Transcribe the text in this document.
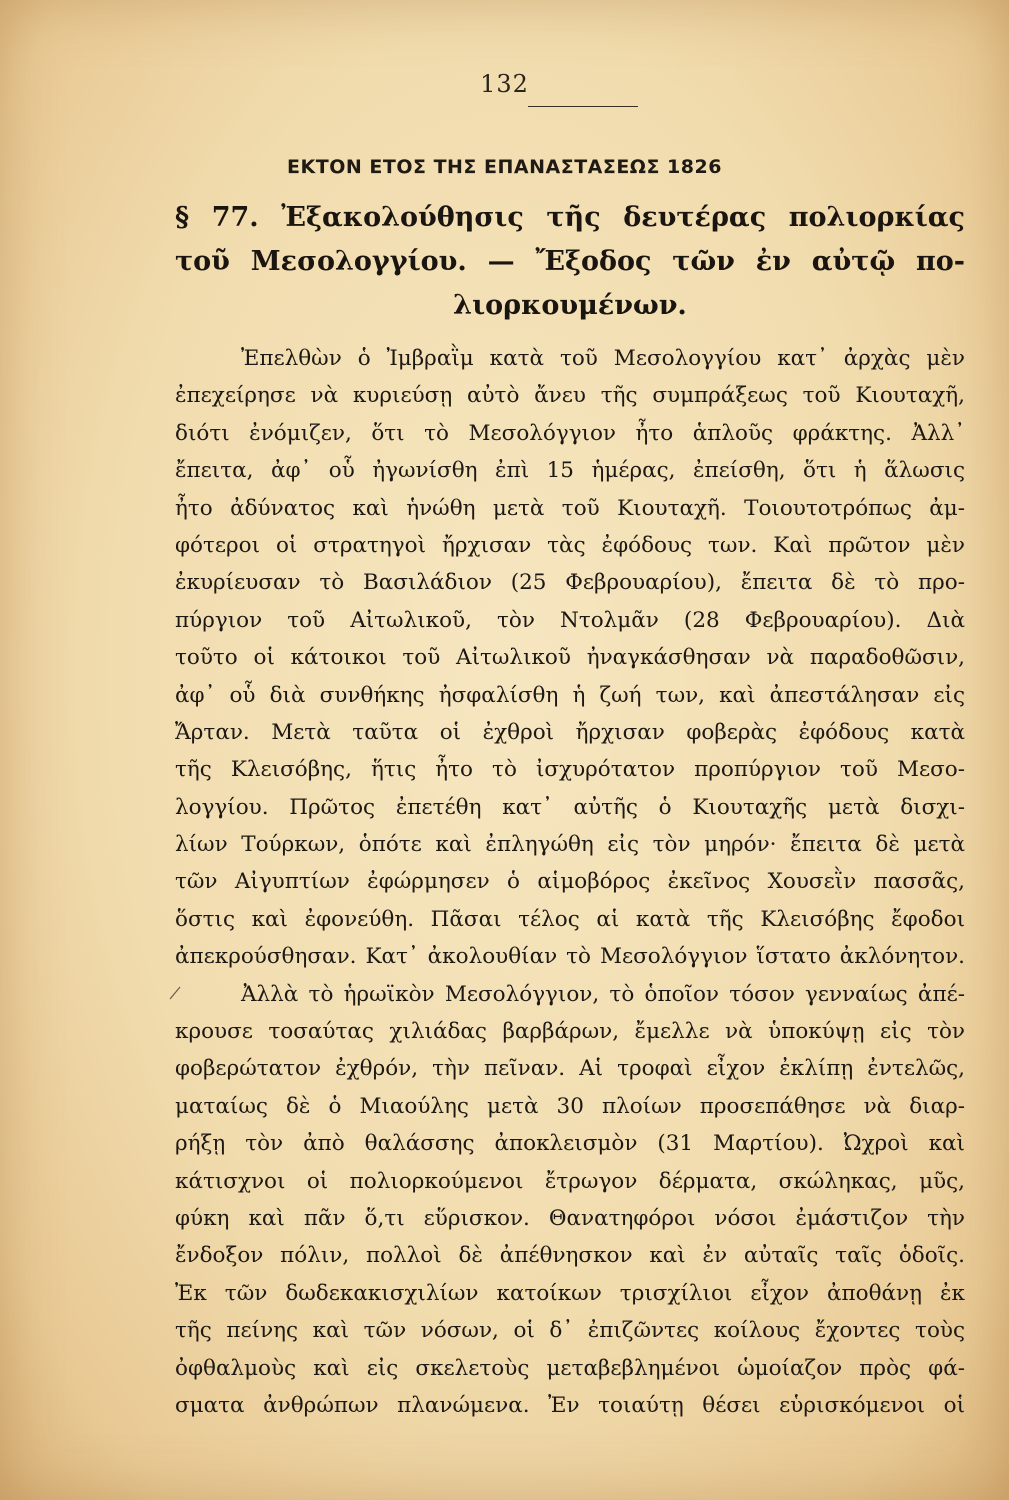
132
ΕΚΤΟΝ ΕΤΟΣ ΤΗΣ ΕΠΑΝΑΣΤΑΣΕΩΣ 1826
§ 77. Ἐξακολούθησις τῆς δευτέρας πολιορκίας
τοῦ Μεσολογγίου. — Ἔξοδος τῶν ἐν αὐτῷ πο-
λιορκουμένων.
Ἐπελθὼν ὁ Ἰμβραῒμ κατὰ τοῦ Μεσολογγίου κατ᾽ ἀρχὰς μὲν
ἐπεχείρησε νὰ κυριεύσῃ αὐτὸ ἄνευ τῆς συμπράξεως τοῦ Κιουταχῆ,
διότι ἐνόμιζεν, ὅτι τὸ Μεσολόγγιον ἦτο ἁπλοῦς φράκτης. Ἀλλ᾽
ἔπειτα, ἀφ᾽ οὗ ἠγωνίσθη ἐπὶ 15 ἡμέρας, ἐπείσθη, ὅτι ἡ ἅλωσις
ἦτο ἀδύνατος καὶ ἡνώθη μετὰ τοῦ Κιουταχῆ. Τοιουτοτρόπως ἀμ-
φότεροι οἱ στρατηγοὶ ἤρχισαν τὰς ἐφόδους των. Καὶ πρῶτον μὲν
ἐκυρίευσαν τὸ Βασιλάδιον (25 Φεβρουαρίου), ἔπειτα δὲ τὸ προ-
πύργιον τοῦ Αἰτωλικοῦ, τὸν Ντολμᾶν (28 Φεβρουαρίου). Διὰ
τοῦτο οἱ κάτοικοι τοῦ Αἰτωλικοῦ ἠναγκάσθησαν νὰ παραδοθῶσιν,
ἀφ᾽ οὗ διὰ συνθήκης ἠσφαλίσθη ἡ ζωή των, καὶ ἀπεστάλησαν εἰς
Ἄρταν. Μετὰ ταῦτα οἱ ἐχθροὶ ἤρχισαν φοβερὰς ἐφόδους κατὰ
τῆς Κλεισόβης, ἥτις ἦτο τὸ ἰσχυρότατον προπύργιον τοῦ Μεσο-
λογγίου. Πρῶτος ἐπετέθη κατ᾽ αὐτῆς ὁ Κιουταχῆς μετὰ δισχι-
λίων Τούρκων, ὁπότε καὶ ἐπληγώθη εἰς τὸν μηρόν· ἔπειτα δὲ μετὰ
τῶν Αἰγυπτίων ἐφώρμησεν ὁ αἱμοβόρος ἐκεῖνος Χουσεῒν πασσᾶς,
ὅστις καὶ ἐφονεύθη. Πᾶσαι τέλος αἱ κατὰ τῆς Κλεισόβης ἔφοδοι
ἀπεκρούσθησαν. Κατ᾽ ἀκολουθίαν τὸ Μεσολόγγιον ἵστατο ἀκλόνητον.
Ἀλλὰ τὸ ἡρωϊκὸν Μεσολόγγιον, τὸ ὁποῖον τόσον γενναίως ἀπέ-
κρουσε τοσαύτας χιλιάδας βαρβάρων, ἔμελλε νὰ ὑποκύψῃ εἰς τὸν
φοβερώτατον ἐχθρόν, τὴν πεῖναν. Αἱ τροφαὶ εἶχον ἐκλίπῃ ἐντελῶς,
ματαίως δὲ ὁ Μιαούλης μετὰ 30 πλοίων προσεπάθησε νὰ διαρ-
ρήξῃ τὸν ἀπὸ θαλάσσης ἀποκλεισμὸν (31 Μαρτίου). Ὠχροὶ καὶ
κάτισχνοι οἱ πολιορκούμενοι ἔτρωγον δέρματα, σκώληκας, μῦς,
φύκη καὶ πᾶν ὅ,τι εὕρισκον. Θανατηφόροι νόσοι ἐμάστιζον τὴν
ἔνδοξον πόλιν, πολλοὶ δὲ ἀπέθνησκον καὶ ἐν αὐταῖς ταῖς ὁδοῖς.
Ἐκ τῶν δωδεκακισχιλίων κατοίκων τρισχίλιοι εἶχον ἀποθάνῃ ἐκ
τῆς πείνης καὶ τῶν νόσων, οἱ δ᾽ ἐπιζῶντες κοίλους ἔχοντες τοὺς
ὀφθαλμοὺς καὶ εἰς σκελετοὺς μεταβεβλημένοι ὡμοίαζον πρὸς φά-
σματα ἀνθρώπων πλανώμενα. Ἐν τοιαύτῃ θέσει εὑρισκόμενοι οἱ
